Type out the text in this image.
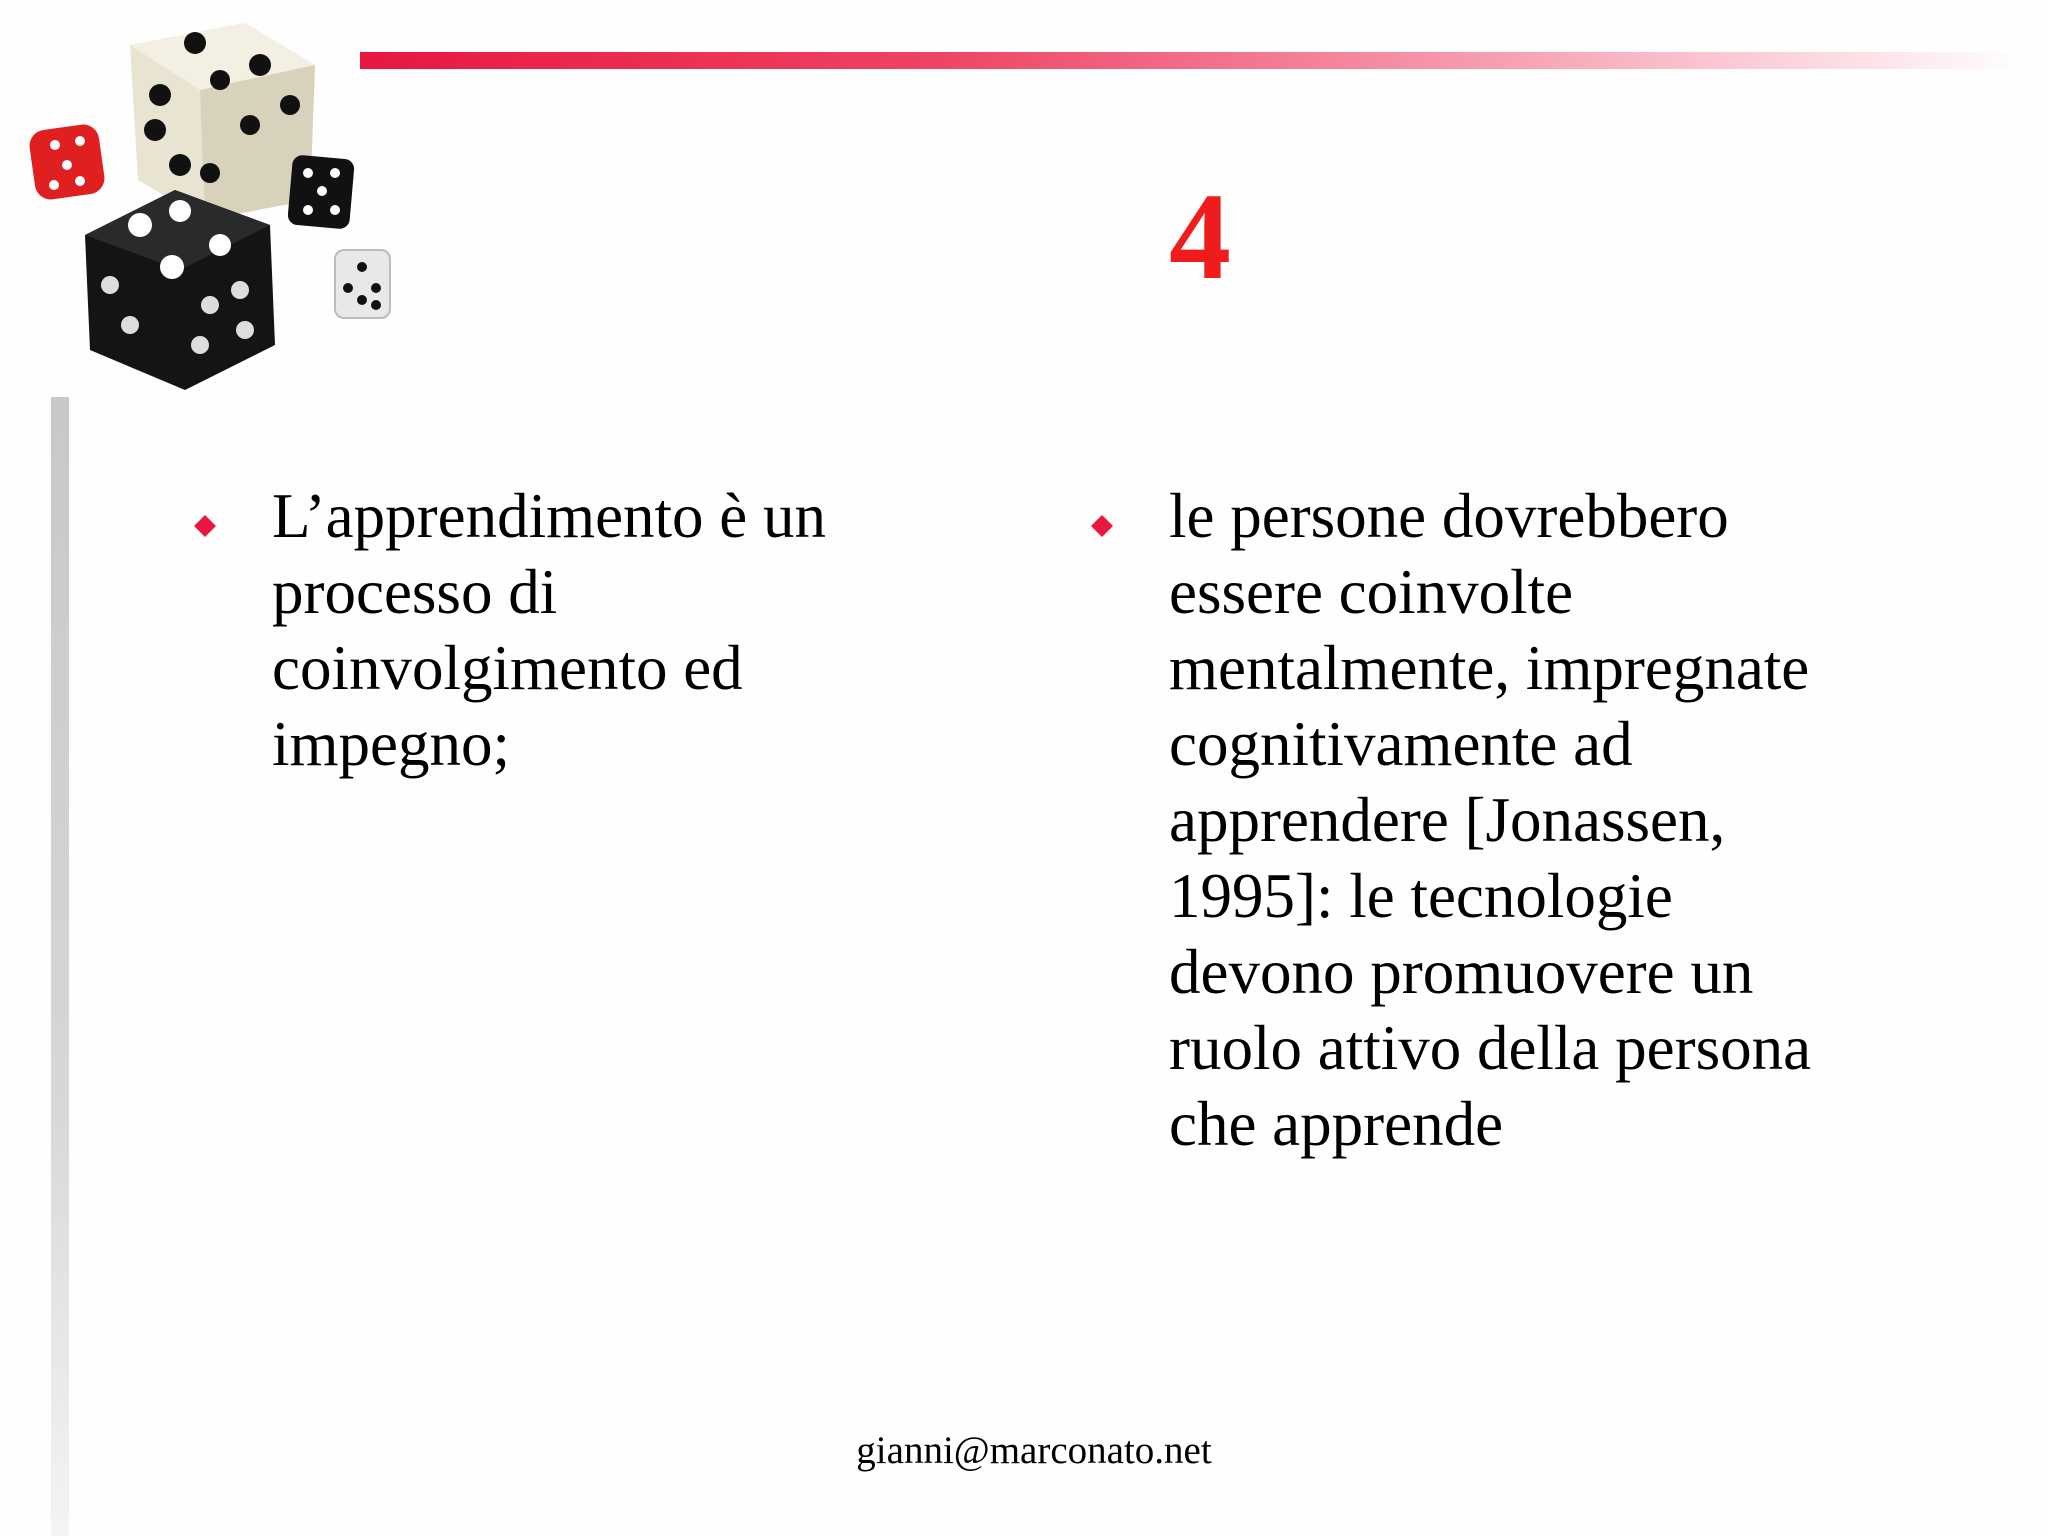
4
L’apprendimento è un
processo di
coinvolgimento ed
impegno;
le persone dovrebbero
essere coinvolte
mentalmente, impregnate
cognitivamente ad
apprendere [Jonassen,
1995]: le tecnologie
devono promuovere un
ruolo attivo della persona
che apprende
gianni@marconato.net
